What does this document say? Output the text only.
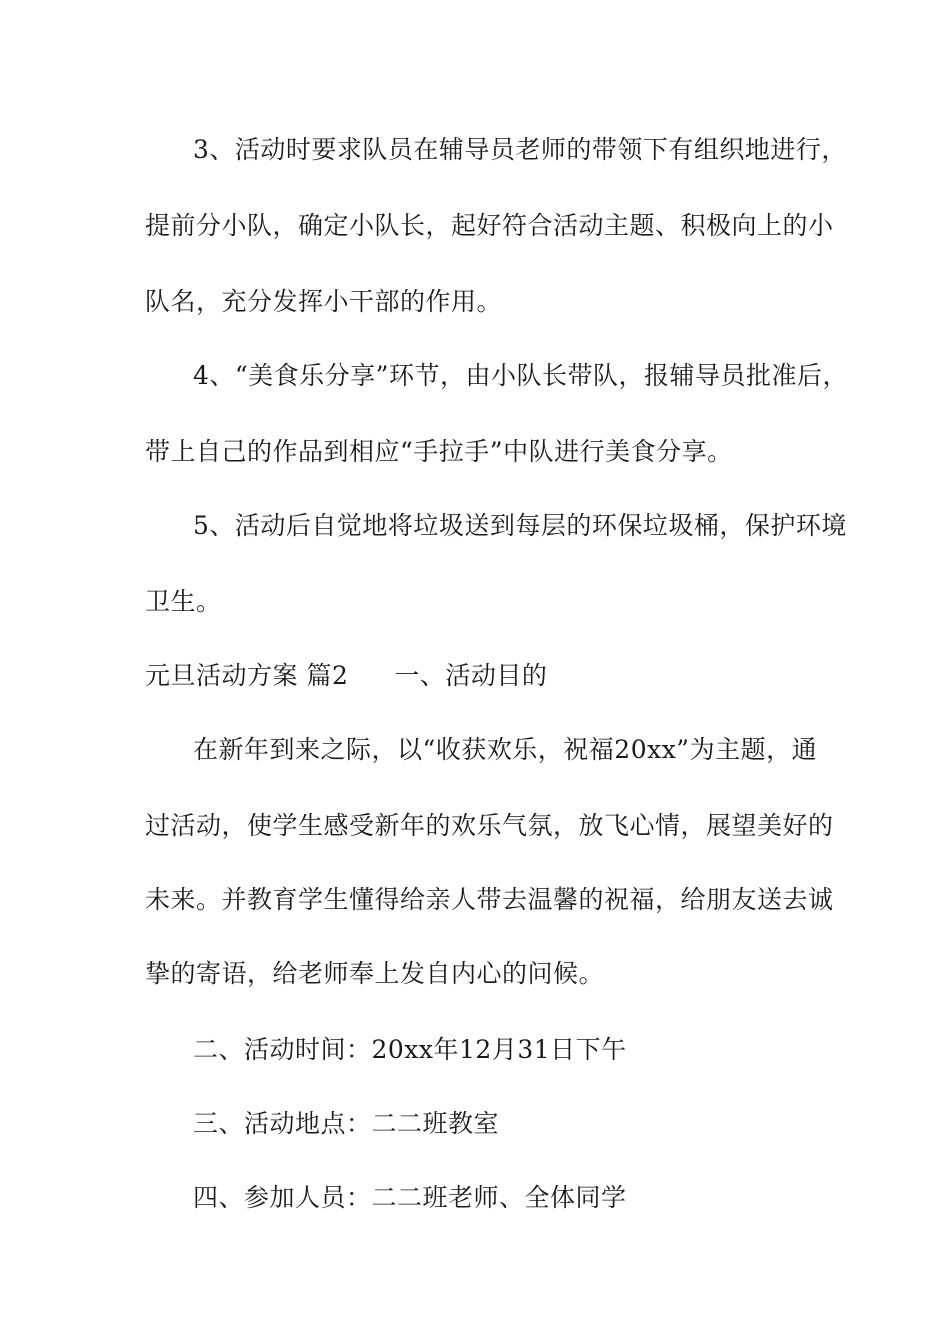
3、活动时要求队员在辅导员老师的带领下有组织地进行，
提前分小队，确定小队长，起好符合活动主题、积极向上的小
队名，充分发挥小干部的作用。
4、“美食乐分享”环节，由小队长带队，报辅导员批准后，
带上自己的作品到相应“手拉手”中队进行美食分享。
5、活动后自觉地将垃圾送到每层的环保垃圾桶，保护环境
卫生。
元旦活动方案 篇2 一、活动目的
在新年到来之际，以“收获欢乐，祝福20xx”为主题，通
过活动，使学生感受新年的欢乐气氛，放飞心情，展望美好的
未来。并教育学生懂得给亲人带去温馨的祝福，给朋友送去诚
挚的寄语，给老师奉上发自内心的问候。
二、活动时间：20xx年12月31日下午
三、活动地点：二二班教室
四、参加人员：二二班老师、全体同学
